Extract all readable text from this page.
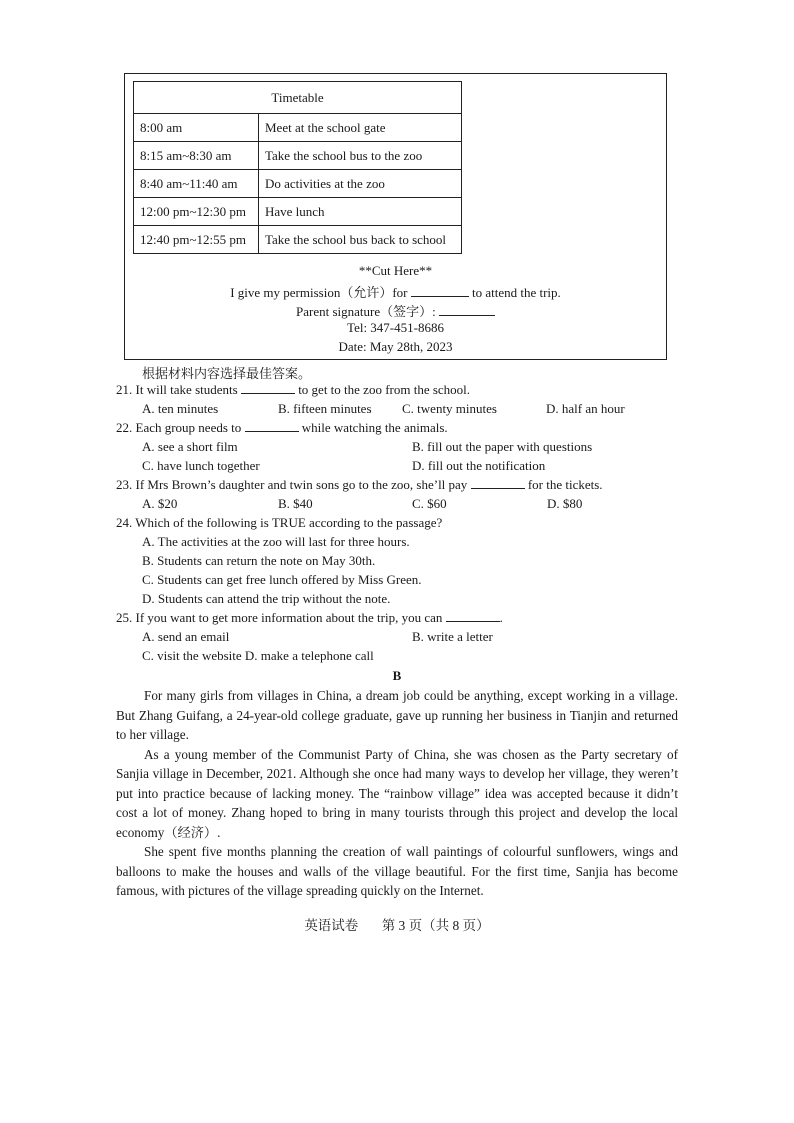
Timetable	
8:00 am	Meet at the school gate
8:15 am~8:30 am	Take the school bus to the zoo
8:40 am~11:40 am	Do activities at the zoo
12:00 pm~12:30 pm	Have lunch
12:40 pm~12:55 pm	Take the school bus back to school
**Cut Here**
I give my permission（允许）for	to attend the trip.
Parent signature（签字）:
Tel: 347-451-8686
Date: May 28th, 2023
根据材料内容选择最佳答案。
21. It will take students	to get to the zoo from the school.
A. ten minutes	B. fifteen minutes C. twenty minutes	D. half an hour
22. Each group needs to	while watching the animals.
A. see a short film	B. fill out the paper with questions
C. have lunch together	D. fill out the notification
23. If Mrs Brown’s daughter and twin sons go to the zoo, she’ll pay	for the tickets.
A. $20	B. $40	C. $60	D. $80
24. Which of the following is TRUE according to the passage?
A. The activities at the zoo will last for three hours.
B. Students can return the note on May 30th.
C. Students can get free lunch offered by Miss Green.
D. Students can attend the trip without the note.
25. If you want to get more information about the trip, you can	.
A. send an email	B. write a letter
C. visit the website D. make a telephone call
B

For many girls from villages in China, a dream job could be anything, except working in a village. But Zhang Guifang, a 24-year-old college graduate, gave up running her business in Tianjin and returned to her village.

As a young member of the Communist Party of China, she was chosen as the Party secretary of Sanjia village in December, 2021. Although she once had many ways to develop her village, they weren’t put into practice because of lacking money. The “rainbow village” idea was accepted because it didn’t cost a lot of money. Zhang hoped to bring in many tourists through this project and develop the local economy（经济）.

She spent five months planning the creation of wall paintings of colourful sunflowers, wings and balloons to make the houses and walls of the village beautiful. For the first time, Sanjia has become famous, with pictures of the village spreading quickly on the Internet.

英语试卷 第 3 页（共 8 页）
